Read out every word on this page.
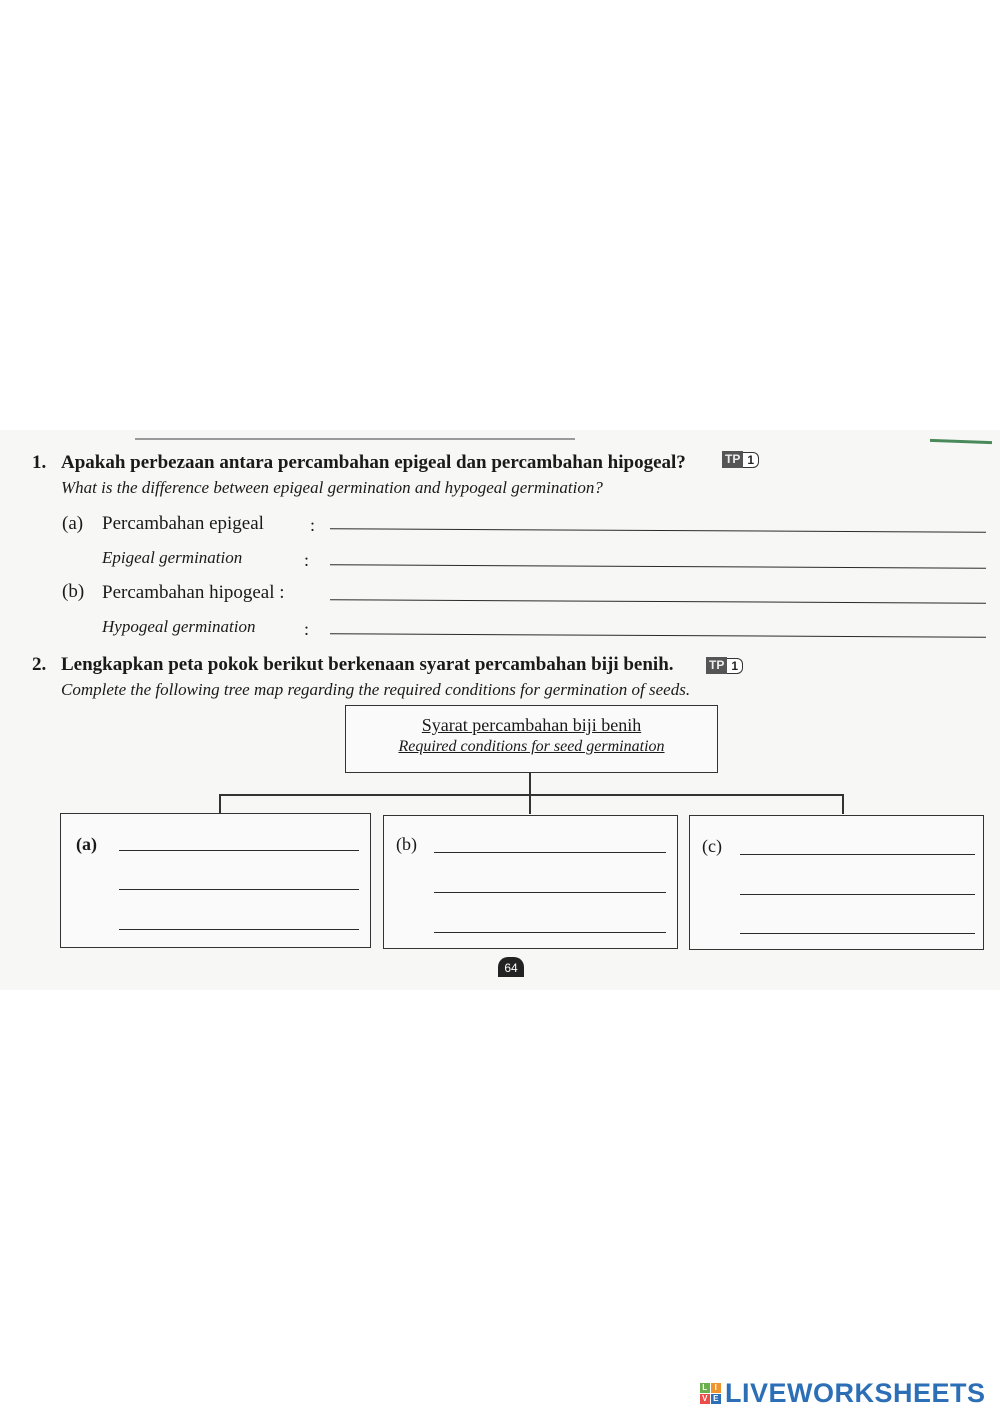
1. Apakah perbezaan antara percambahan epigeal dan percambahan hipogeal?	TP 1
What is the difference between epigeal germination and hypogeal germination?
(a) Percambahan epigeal	:
Epigeal germination	:
(b) Percambahan hipogeal :
Hypogeal germination	:
2. Lengkapkan peta pokok berikut berkenaan syarat percambahan biji benih.	TP 1
Complete the following tree map regarding the required conditions for germination of seeds.
Syarat percambahan biji benih
Required conditions for seed germination
(a)	(b)	(c)
64
L I
V E LIVEWORKSHEETS
